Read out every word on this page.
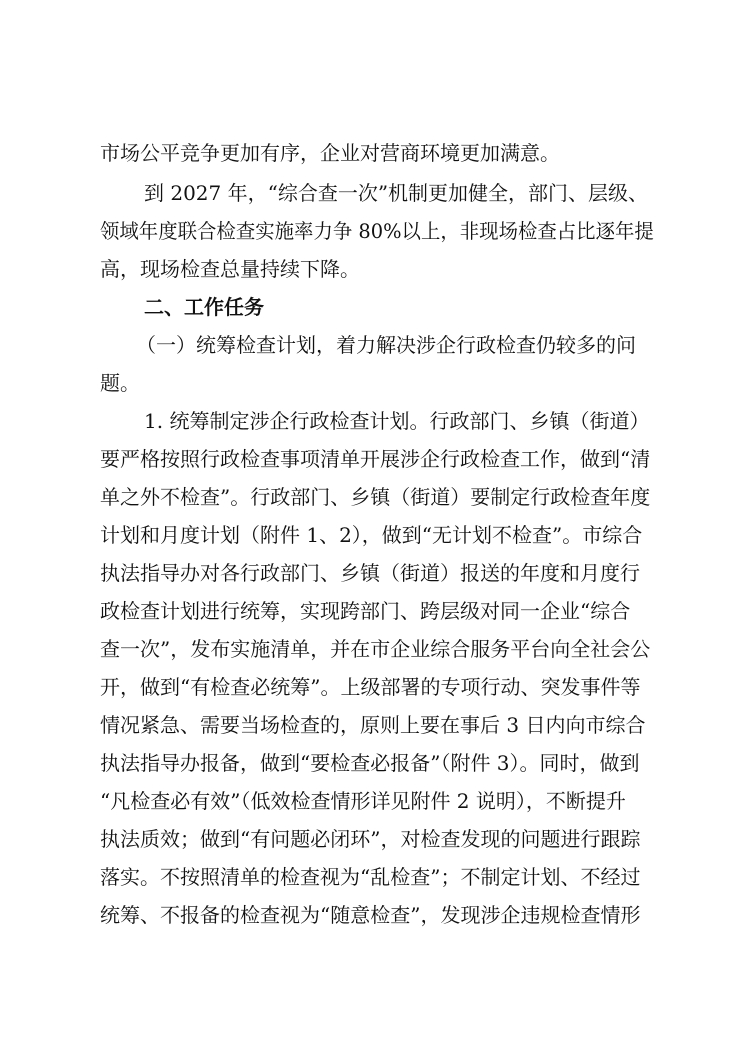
市场公平竞争更加有序，企业对营商环境更加满意。
到 2027 年，“综合查一次”机制更加健全，部门、层级、
领域年度联合检查实施率力争 80%以上，非现场检查占比逐年提
高，现场检查总量持续下降。
二、工作任务
（一）统筹检查计划，着力解决涉企行政检查仍较多的问
题。
1. 统筹制定涉企行政检查计划。行政部门、乡镇（街道）
要严格按照行政检查事项清单开展涉企行政检查工作，做到“清
单之外不检查”。行政部门、乡镇（街道）要制定行政检查年度
计划和月度计划（附件 1、2），做到“无计划不检查”。市综合
执法指导办对各行政部门、乡镇（街道）报送的年度和月度行
政检查计划进行统筹，实现跨部门、跨层级对同一企业“综合
查一次”，发布实施清单，并在市企业综合服务平台向全社会公
开，做到“有检查必统筹”。上级部署的专项行动、突发事件等
情况紧急、需要当场检查的，原则上要在事后 3 日内向市综合
执法指导办报备，做到“要检查必报备”（附件 3）。同时，做到
“凡检查必有效”（低效检查情形详见附件 2 说明），不断提升
执法质效；做到“有问题必闭环”，对检查发现的问题进行跟踪
落实。不按照清单的检查视为“乱检查”；不制定计划、不经过
统筹、不报备的检查视为“随意检查”，发现涉企违规检查情形
